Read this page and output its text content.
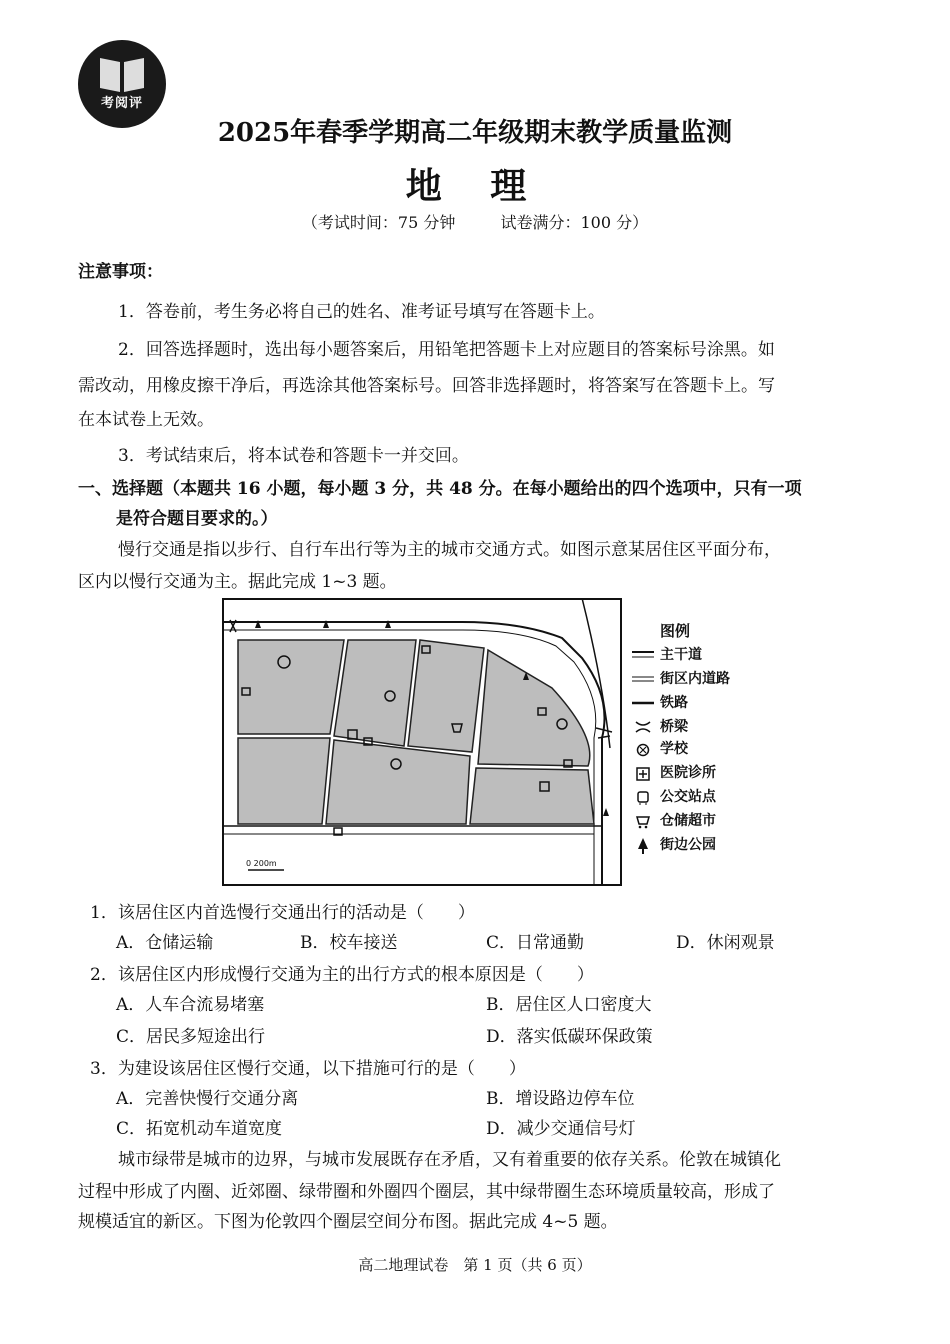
考阅评
2025年春季学期高二年级期末教学质量监测
地 理
（考试时间：75 分钟	试卷满分：100 分）
注意事项：
1．答卷前，考生务必将自己的姓名、准考证号填写在答题卡上。
2．回答选择题时，选出每小题答案后，用铅笔把答题卡上对应题目的答案标号涂黑。如
需改动，用橡皮擦干净后，再选涂其他答案标号。回答非选择题时，将答案写在答题卡上。写
在本试卷上无效。
3．考试结束后，将本试卷和答题卡一并交回。
一、选择题（本题共 16 小题，每小题 3 分，共 48 分。在每小题给出的四个选项中，只有一项
是符合题目要求的。）
慢行交通是指以步行、自行车出行等为主的城市交通方式。如图示意某居住区平面分布，
区内以慢行交通为主。据此完成 1~3 题。
0 200m
图例
主干道
街区内道路
铁路
桥梁
学校
医院诊所
公交站点
仓储超市
街边公园
1．该居住区内首选慢行交通出行的活动是（　　）
A．仓储运输	B．校车接送	C．日常通勤	D．休闲观景
2．该居住区内形成慢行交通为主的出行方式的根本原因是（　　）
A．人车合流易堵塞	B．居住区人口密度大
C．居民多短途出行	D．落实低碳环保政策
3．为建设该居住区慢行交通，以下措施可行的是（　　）
A．完善快慢行交通分离	B．增设路边停车位
C．拓宽机动车道宽度	D．减少交通信号灯
城市绿带是城市的边界，与城市发展既存在矛盾，又有着重要的依存关系。伦敦在城镇化
过程中形成了内圈、近郊圈、绿带圈和外圈四个圈层，其中绿带圈生态环境质量较高，形成了
规模适宜的新区。下图为伦敦四个圈层空间分布图。据此完成 4~5 题。
高二地理试卷　第 1 页（共 6 页）
